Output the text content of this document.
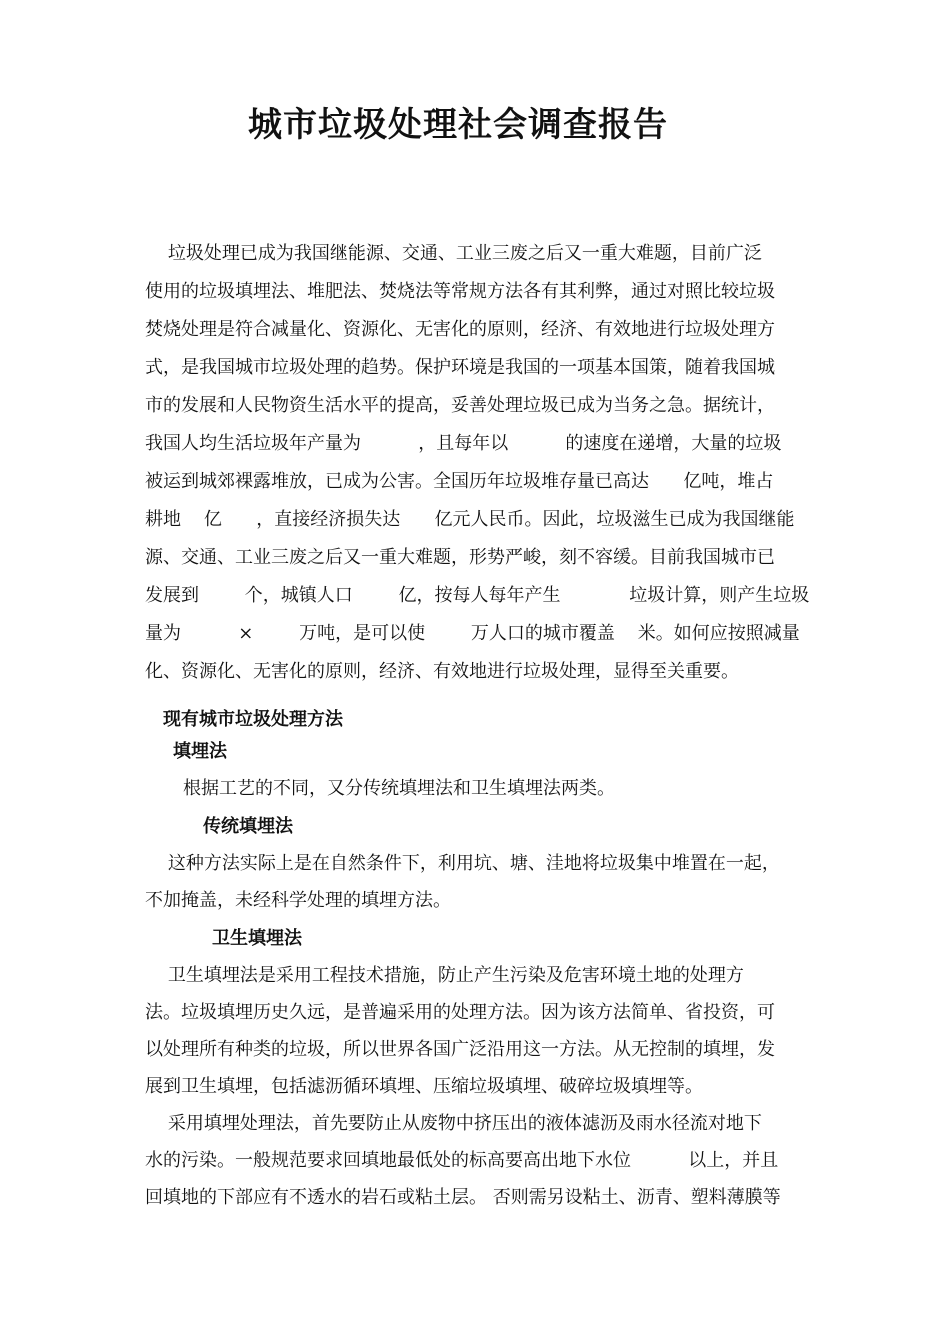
城市垃圾处理社会调查报告

垃圾处理已成为我国继能源、交通、工业三废之后又一重大难题，目前广泛

使用的垃圾填埋法、堆肥法、焚烧法等常规方法各有其利弊，通过对照比较垃圾

焚烧处理是符合减量化、资源化、无害化的原则，经济、有效地进行垃圾处理方

式，是我国城市垃圾处理的趋势。保护环境是我国的一项基本国策，随着我国城

市的发展和人民物资生活水平的提高，妥善处理垃圾已成为当务之急。据统计，

我国人均生活垃圾年产量为          ，且每年以          的速度在递增，大量的垃圾

被运到城郊裸露堆放，已成为公害。全国历年垃圾堆存量已高达      亿吨，堆占

耕地    亿      ，直接经济损失达      亿元人民币。因此，垃圾滋生已成为我国继能

源、交通、工业三废之后又一重大难题，形势严峻，刻不容缓。目前我国城市已

发展到        个，城镇人口        亿，按每人每年产生            垃圾计算，则产生垃圾

量为          ×        万吨，是可以使        万人口的城市覆盖    米。如何应按照减量

化、资源化、无害化的原则，经济、有效地进行垃圾处理，显得至关重要。

现有城市垃圾处理方法
填埋法

根据工艺的不同，又分传统填埋法和卫生填埋法两类。

传统填埋法

这种方法实际上是在自然条件下，利用坑、塘、洼地将垃圾集中堆置在一起，

不加掩盖，未经科学处理的填埋方法。

卫生填埋法

卫生填埋法是采用工程技术措施，防止产生污染及危害环境土地的处理方

法。垃圾填埋历史久远，是普遍采用的处理方法。因为该方法简单、省投资，可

以处理所有种类的垃圾，所以世界各国广泛沿用这一方法。从无控制的填埋，发

展到卫生填埋，包括滤沥循环填埋、压缩垃圾填埋、破碎垃圾填埋等。

采用填埋处理法，首先要防止从废物中挤压出的液体滤沥及雨水径流对地下

水的污染。一般规范要求回填地最低处的标高要高出地下水位          以上，并且

回填地的下部应有不透水的岩石或粘土层。 否则需另设粘土、沥青、塑料薄膜等
